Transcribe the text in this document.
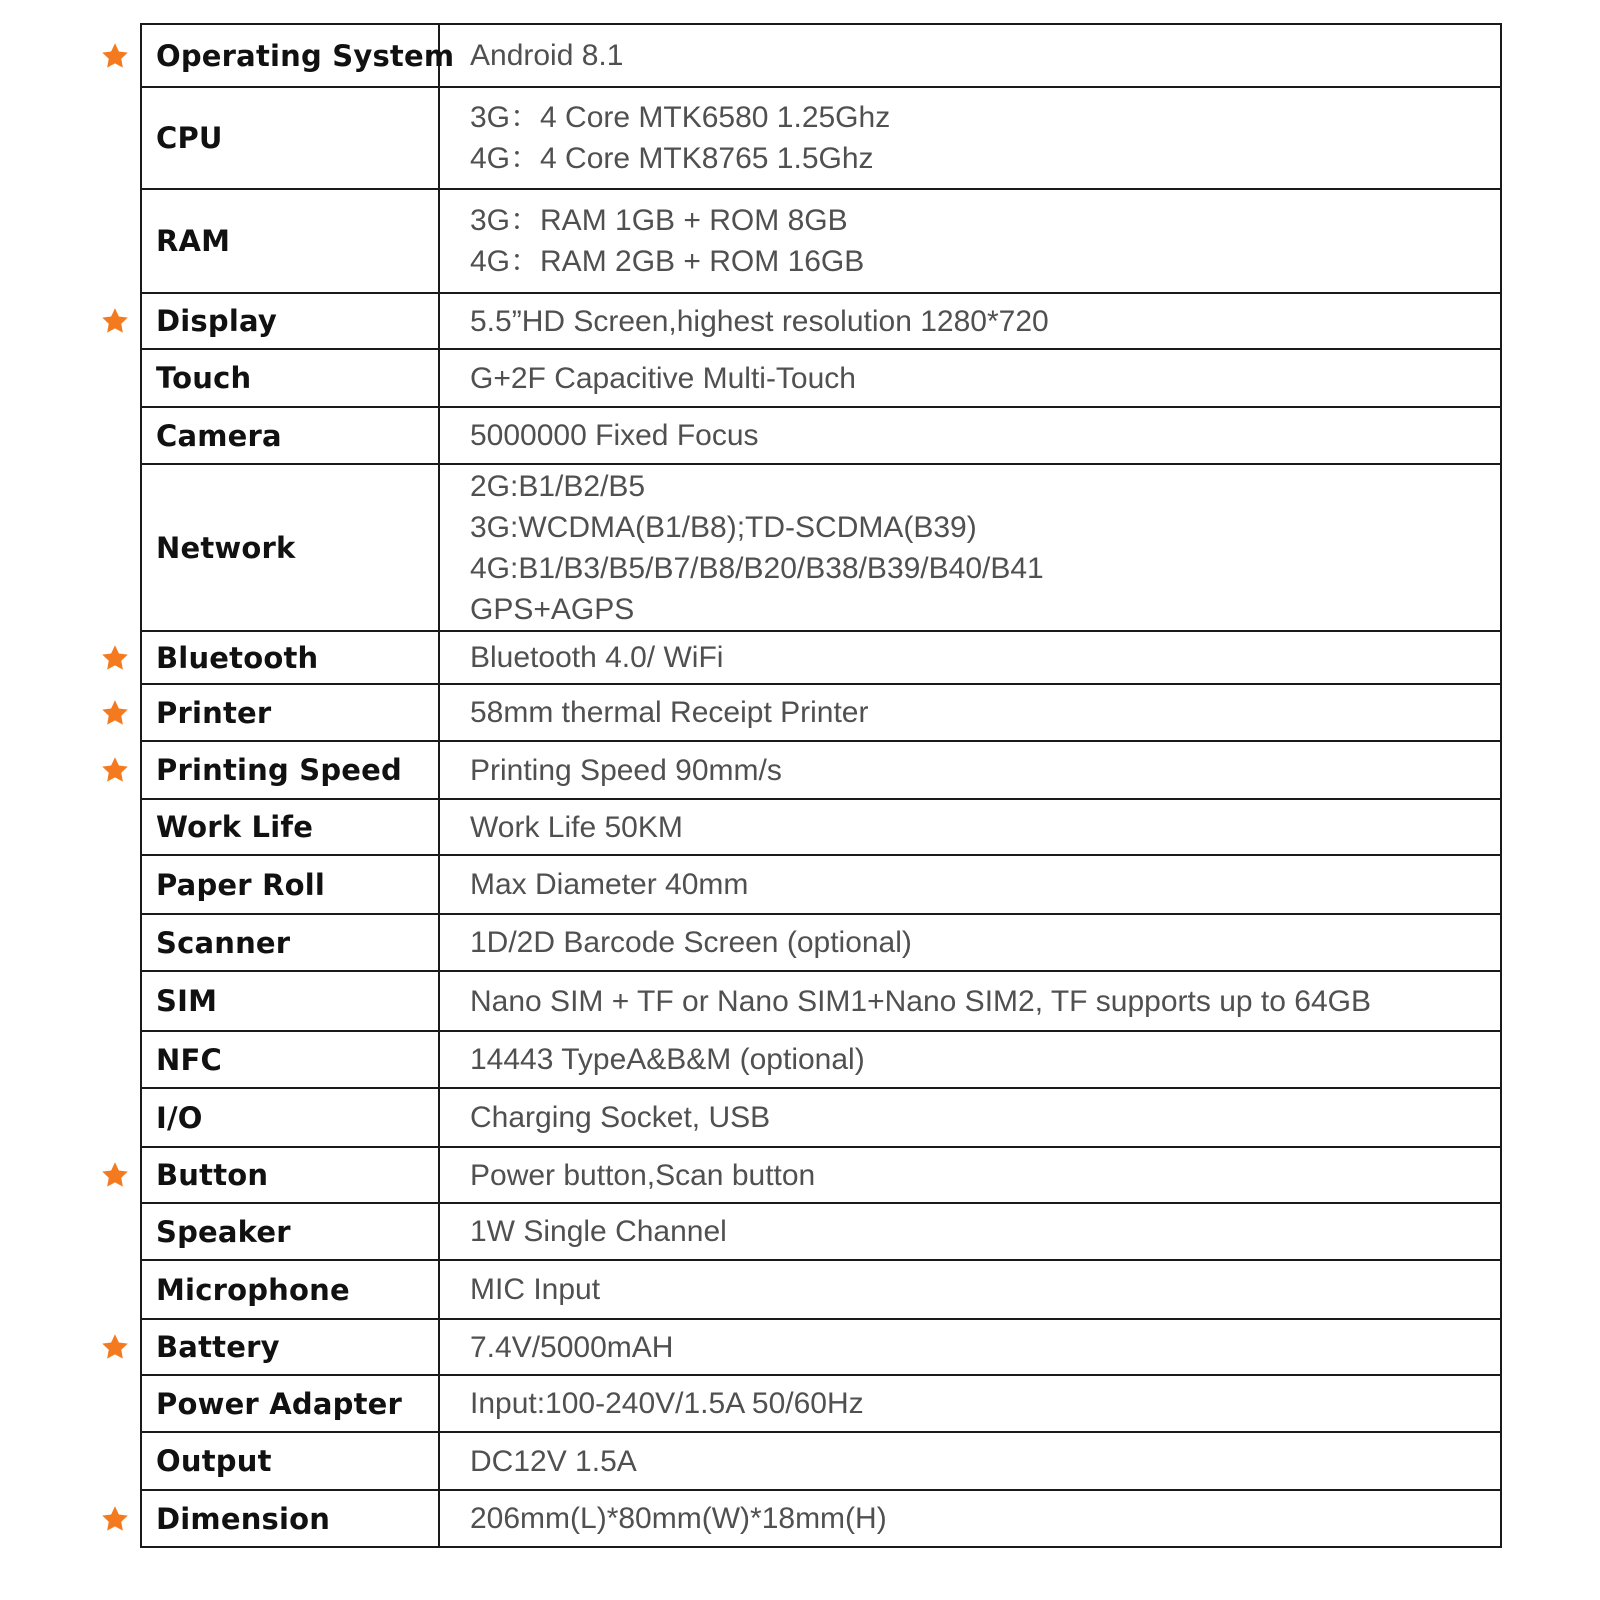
Operating System	Android 8.1

CPU	3G：4 Core MTK6580 1.25Ghz
4G：4 Core MTK8765 1.5Ghz

RAM	3G：RAM 1GB + ROM 8GB
4G：RAM 2GB + ROM 16GB

Display	5.5”HD Screen,highest resolution 1280*720

Touch	G+2F Capacitive Multi-Touch

Camera	5000000 Fixed Focus

Network	2G:B1/B2/B5
3G:WCDMA(B1/B8);TD-SCDMA(B39)
4G:B1/B3/B5/B7/B8/B20/B38/B39/B40/B41
GPS+AGPS

Bluetooth	Bluetooth 4.0/ WiFi

Printer	58mm thermal Receipt Printer

Printing Speed	Printing Speed 90mm/s

Work Life	Work Life 50KM

Paper Roll	Max Diameter 40mm

Scanner	1D/2D Barcode Screen (optional)

SIM	Nano SIM + TF or Nano SIM1+Nano SIM2, TF supports up to 64GB

NFC	14443 TypeA&B&M (optional)

I/O	Charging Socket, USB

Button	Power button,Scan button

Speaker	1W Single Channel

Microphone	MIC Input

Battery	7.4V/5000mAH

Power Adapter	Input:100-240V/1.5A 50/60Hz

Output	DC12V 1.5A

Dimension	206mm(L)*80mm(W)*18mm(H)
